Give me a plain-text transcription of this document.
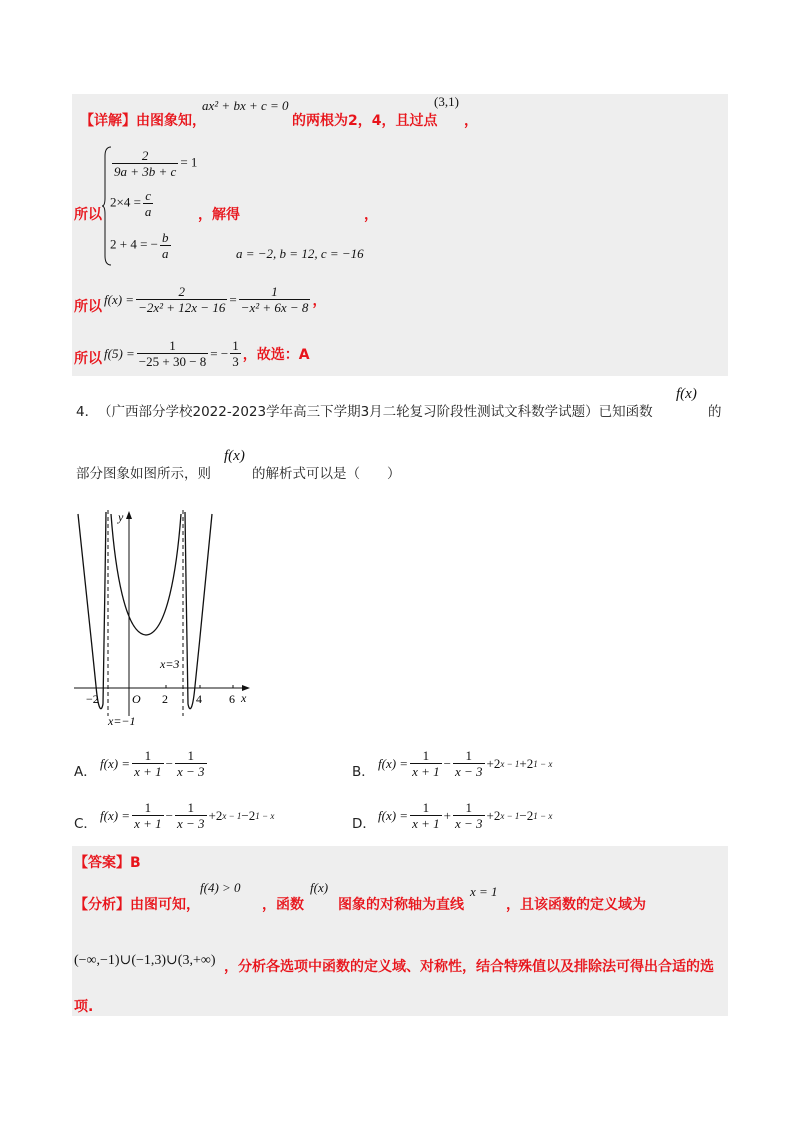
【详解】由图象知，
ax² + bx + c = 0
的两根为2，4，且过点
(3,1)
，
所以
$\frac{2}{9a + 3b + c} = 1$
$2\times 4 = \frac{c}{a}$
2 + 4 = − $\frac{b}{a}$
，解得	，
a = −2, b = 12, c = −16
所以 $f(x) = \frac{2}{\text{−2x² + 12x − 16}} = \frac{1}{\text{−x² + 6x − 8}}$ ，
所以 $f(5) = \frac{1}{-25 + 30 - 8}$ = − $\frac{1}{3}$ ，故选：A
4． （广西部分学校2022-2023学年高三下学期3月二轮复习阶段性测试文科数学试题）已知函数
f(x)
的
部分图象如图所示，则
f(x)
的解析式可以是（　　）
y
x
O
−2	2 4 6
x=3
x=−1
A．
$f(x) = \frac{1}{x + 1} - \frac{1}{x - 3}$	B．
$f(x) = \frac{1}{x + 1} - \frac{1}{x - 3} + 2$ x − 1 + 2 1 − x
C．
$f(x) = \frac{1}{x + 1} - \frac{1}{x - 3} + 2$ x − 1 − 2 1 − x
D．
$f(x) = \frac{1}{x + 1} + \frac{1}{x - 3} + 2$ x − 1 − 2 1 − x
【答案】B
【分析】由图可知，
f(4) > 0
，函数
f(x)
图象的对称轴为直线
x = 1
，且该函数的定义域为
(−∞,−1)∪(−1,3)∪(3,+∞) ，分析各选项中函数的定义域、对称性，结合特殊值以及排除法可得出合适的选
项.
